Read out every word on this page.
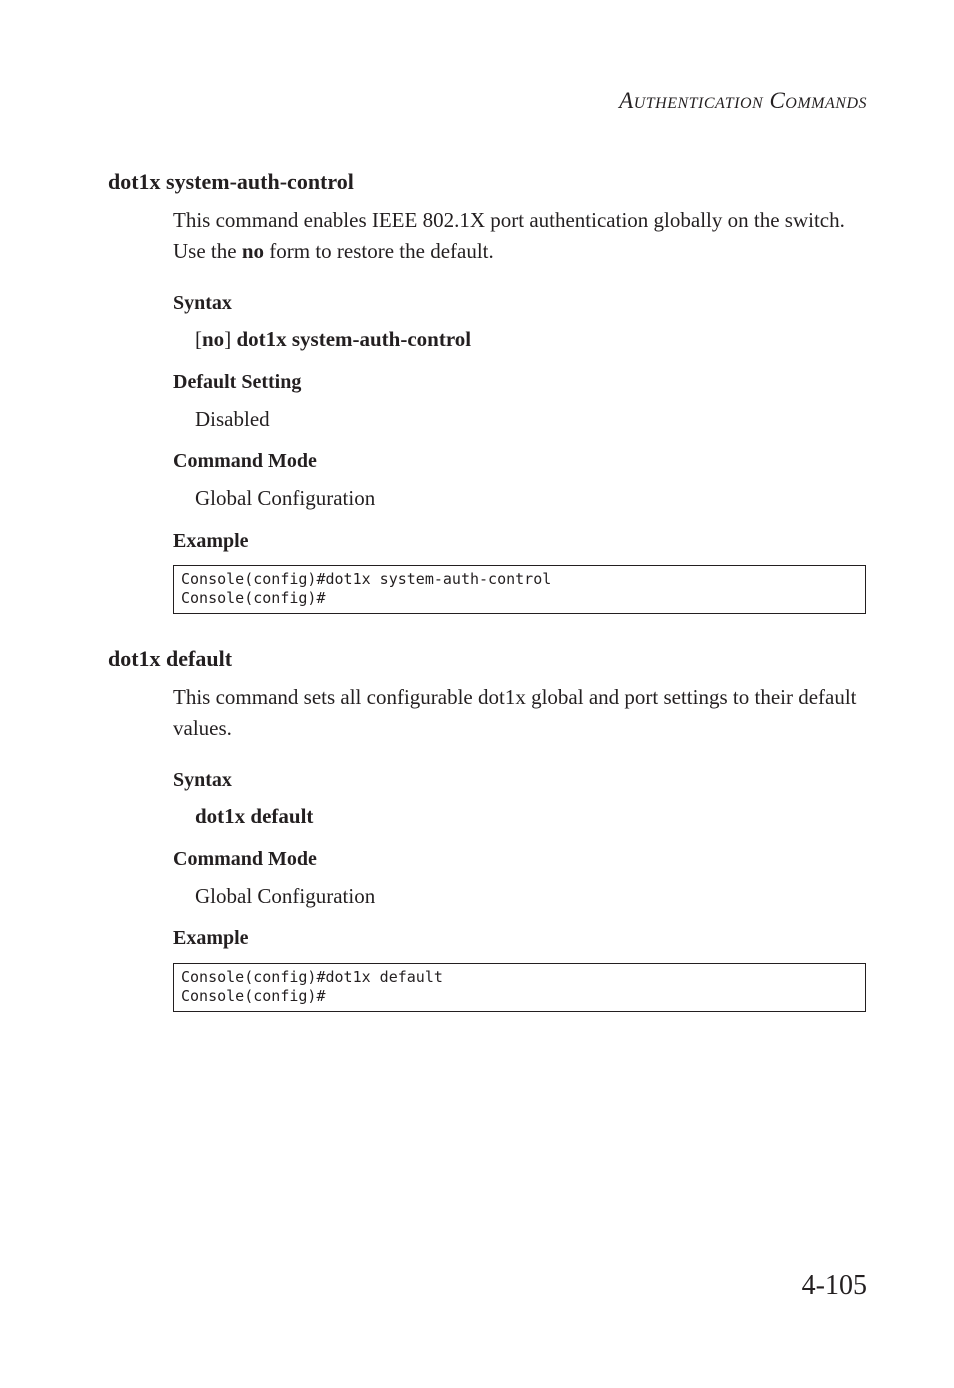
AUTHENTICATION COMMANDS
dot1x system-auth-control
This command enables IEEE 802.1X port authentication globally on the switch. Use the no form to restore the default.
Syntax
[no] dot1x system-auth-control
Default Setting
Disabled
Command Mode
Global Configuration
Example
Console(config)#dot1x system-auth-control
Console(config)#
dot1x default
This command sets all configurable dot1x global and port settings to their default values.
Syntax
dot1x default
Command Mode
Global Configuration
Example
Console(config)#dot1x default
Console(config)#
4-105
